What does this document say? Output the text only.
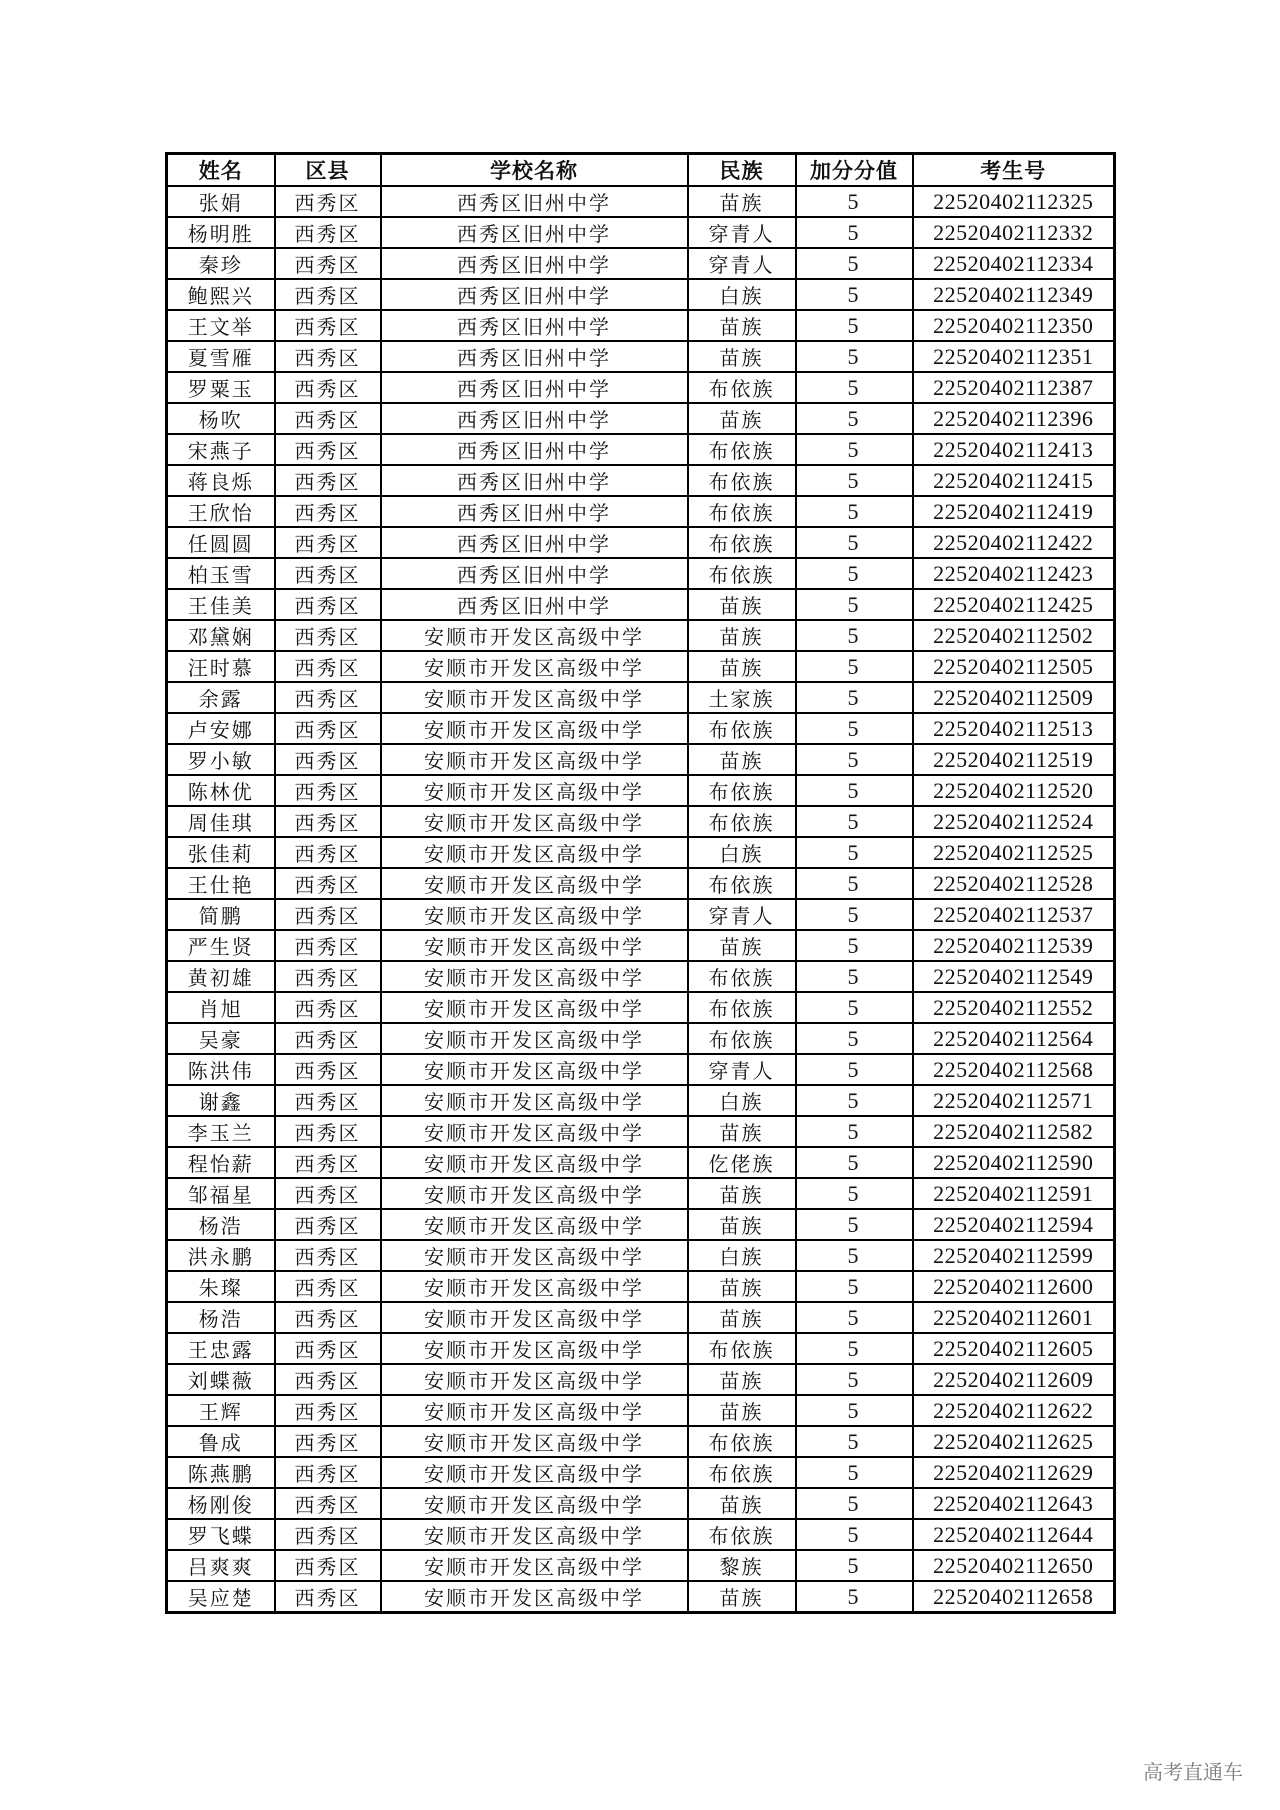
姓名	区县	学校名称	民族	加分分值	考生号
张娟	西秀区	西秀区旧州中学	苗族	5	22520402112325
杨明胜	西秀区	西秀区旧州中学	穿青人	5	22520402112332
秦珍	西秀区	西秀区旧州中学	穿青人	5	22520402112334
鲍熙兴	西秀区	西秀区旧州中学	白族	5	22520402112349
王文举	西秀区	西秀区旧州中学	苗族	5	22520402112350
夏雪雁	西秀区	西秀区旧州中学	苗族	5	22520402112351
罗粟玉	西秀区	西秀区旧州中学	布依族	5	22520402112387
杨吹	西秀区	西秀区旧州中学	苗族	5	22520402112396
宋燕子	西秀区	西秀区旧州中学	布依族	5	22520402112413
蒋良烁	西秀区	西秀区旧州中学	布依族	5	22520402112415
王欣怡	西秀区	西秀区旧州中学	布依族	5	22520402112419
任圆圆	西秀区	西秀区旧州中学	布依族	5	22520402112422
柏玉雪	西秀区	西秀区旧州中学	布依族	5	22520402112423
王佳美	西秀区	西秀区旧州中学	苗族	5	22520402112425
邓黛娴	西秀区	安顺市开发区高级中学	苗族	5	22520402112502
汪时慕	西秀区	安顺市开发区高级中学	苗族	5	22520402112505
余露	西秀区	安顺市开发区高级中学	土家族	5	22520402112509
卢安娜	西秀区	安顺市开发区高级中学	布依族	5	22520402112513
罗小敏	西秀区	安顺市开发区高级中学	苗族	5	22520402112519
陈林优	西秀区	安顺市开发区高级中学	布依族	5	22520402112520
周佳琪	西秀区	安顺市开发区高级中学	布依族	5	22520402112524
张佳莉	西秀区	安顺市开发区高级中学	白族	5	22520402112525
王仕艳	西秀区	安顺市开发区高级中学	布依族	5	22520402112528
简鹏	西秀区	安顺市开发区高级中学	穿青人	5	22520402112537
严生贤	西秀区	安顺市开发区高级中学	苗族	5	22520402112539
黄初雄	西秀区	安顺市开发区高级中学	布依族	5	22520402112549
肖旭	西秀区	安顺市开发区高级中学	布依族	5	22520402112552
吴豪	西秀区	安顺市开发区高级中学	布依族	5	22520402112564
陈洪伟	西秀区	安顺市开发区高级中学	穿青人	5	22520402112568
谢鑫	西秀区	安顺市开发区高级中学	白族	5	22520402112571
李玉兰	西秀区	安顺市开发区高级中学	苗族	5	22520402112582
程怡薪	西秀区	安顺市开发区高级中学	仡佬族	5	22520402112590
邹福星	西秀区	安顺市开发区高级中学	苗族	5	22520402112591
杨浩	西秀区	安顺市开发区高级中学	苗族	5	22520402112594
洪永鹏	西秀区	安顺市开发区高级中学	白族	5	22520402112599
朱璨	西秀区	安顺市开发区高级中学	苗族	5	22520402112600
杨浩	西秀区	安顺市开发区高级中学	苗族	5	22520402112601
王忠露	西秀区	安顺市开发区高级中学	布依族	5	22520402112605
刘蝶薇	西秀区	安顺市开发区高级中学	苗族	5	22520402112609
王辉	西秀区	安顺市开发区高级中学	苗族	5	22520402112622
鲁成	西秀区	安顺市开发区高级中学	布依族	5	22520402112625
陈燕鹏	西秀区	安顺市开发区高级中学	布依族	5	22520402112629
杨刚俊	西秀区	安顺市开发区高级中学	苗族	5	22520402112643
罗飞蝶	西秀区	安顺市开发区高级中学	布依族	5	22520402112644
吕爽爽	西秀区	安顺市开发区高级中学	黎族	5	22520402112650
吴应楚	西秀区	安顺市开发区高级中学	苗族	5	22520402112658
高考直通车
